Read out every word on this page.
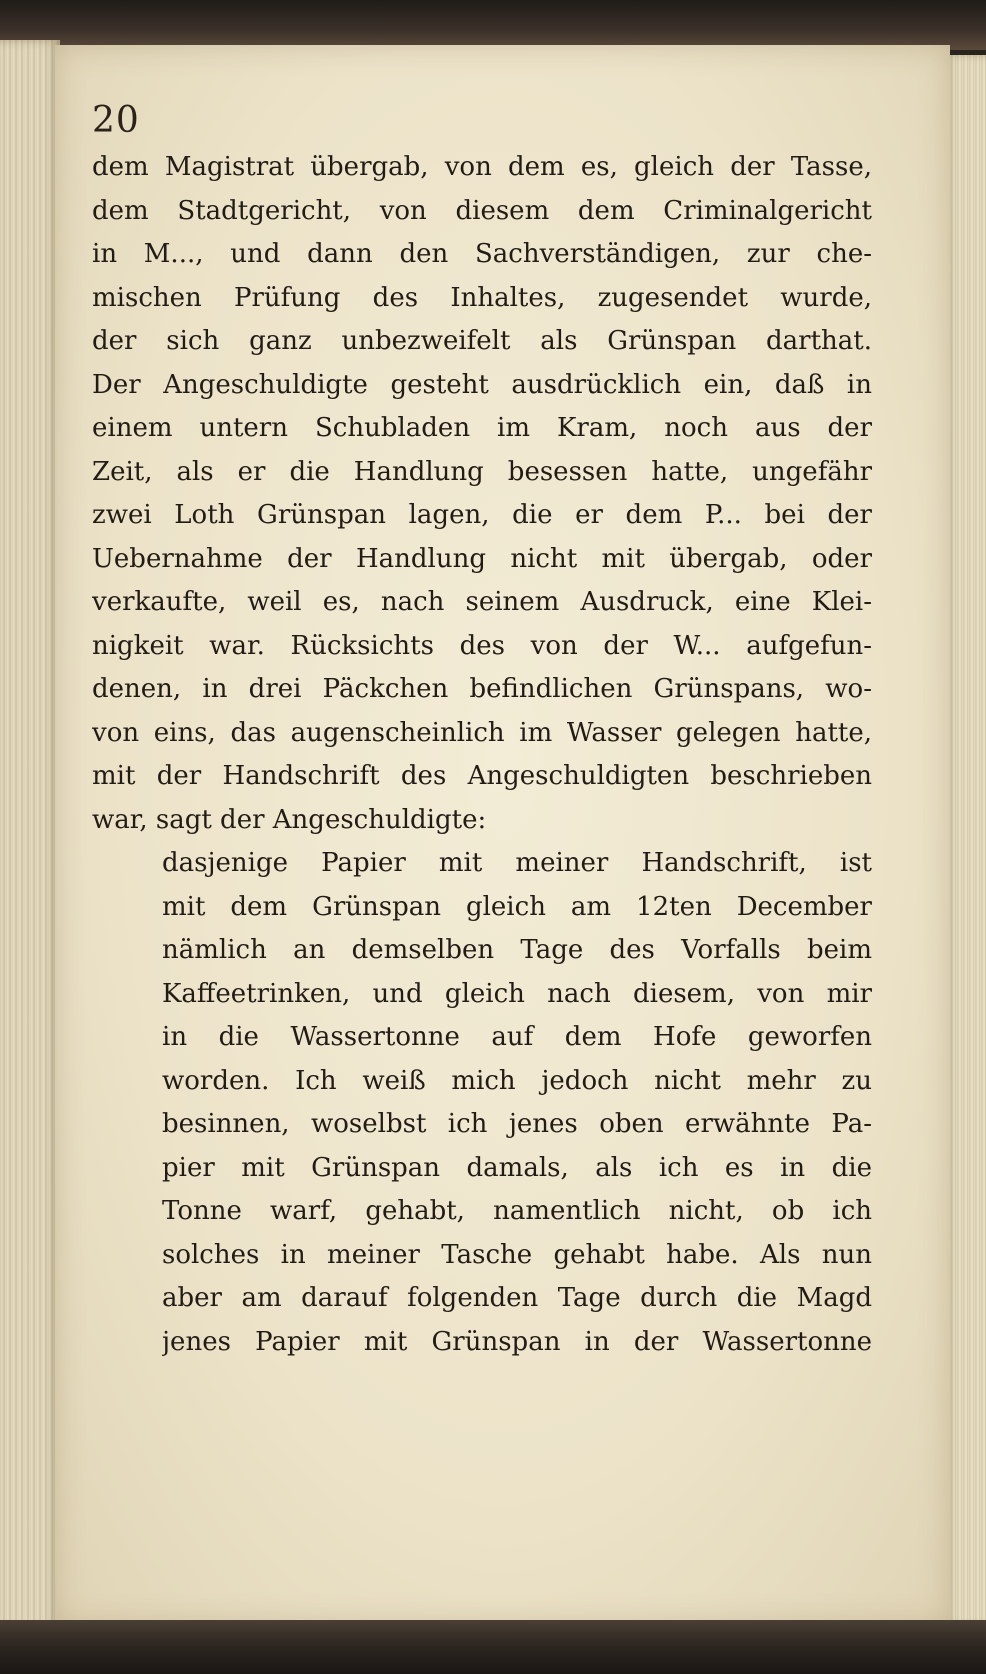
20
dem Magistrat übergab, von dem es, gleich der Tasse,
dem Stadtgericht, von diesem dem Criminalgericht
in M..., und dann den Sachverständigen, zur che-
mischen Prüfung des Inhaltes, zugesendet wurde,
der sich ganz unbezweifelt als Grünspan darthat.
Der Angeschuldigte gesteht ausdrücklich ein, daß in
einem untern Schubladen im Kram, noch aus der
Zeit, als er die Handlung besessen hatte, ungefähr
zwei Loth Grünspan lagen, die er dem P... bei der
Uebernahme der Handlung nicht mit übergab, oder
verkaufte, weil es, nach seinem Ausdruck, eine Klei-
nigkeit war. Rücksichts des von der W... aufgefun-
denen, in drei Päckchen befindlichen Grünspans, wo-
von eins, das augenscheinlich im Wasser gelegen hatte,
mit der Handschrift des Angeschuldigten beschrieben
war, sagt der Angeschuldigte:
dasjenige Papier mit meiner Handschrift, ist
mit dem Grünspan gleich am 12ten December
nämlich an demselben Tage des Vorfalls beim
Kaffeetrinken, und gleich nach diesem, von mir
in die Wassertonne auf dem Hofe geworfen
worden. Ich weiß mich jedoch nicht mehr zu
besinnen, woselbst ich jenes oben erwähnte Pa-
pier mit Grünspan damals, als ich es in die
Tonne warf, gehabt, namentlich nicht, ob ich
solches in meiner Tasche gehabt habe. Als nun
aber am darauf folgenden Tage durch die Magd
jenes Papier mit Grünspan in der Wassertonne
